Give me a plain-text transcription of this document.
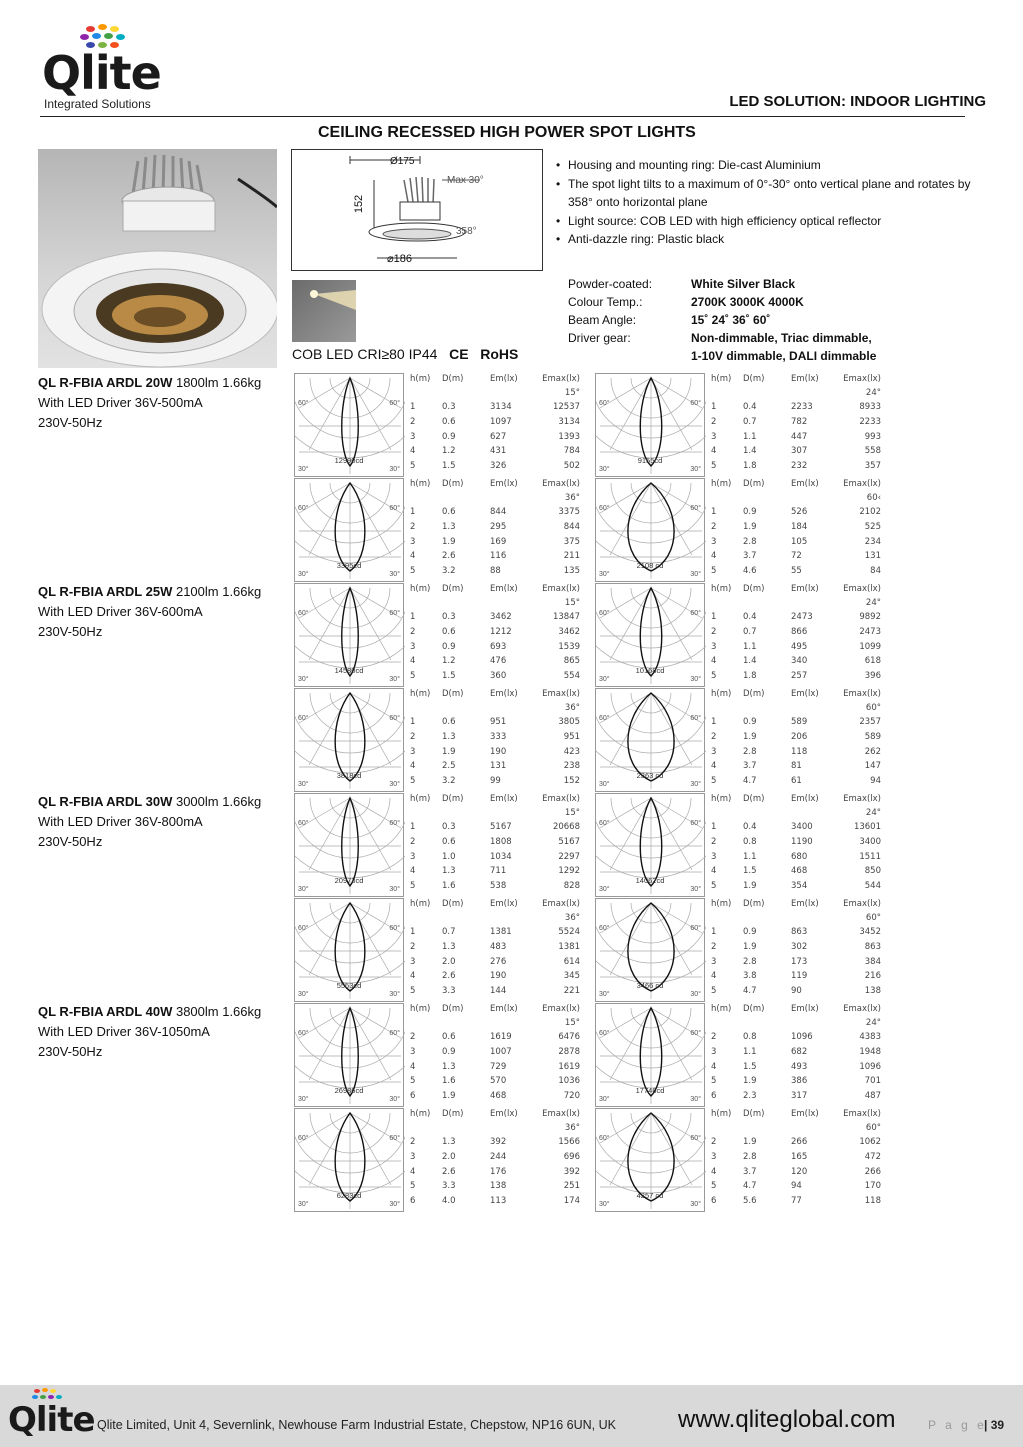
Qlite
Integrated Solutions	LED SOLUTION: INDOOR LIGHTING
CEILING RECESSED HIGH POWER SPOT LIGHTS
Ø175
Max 30°
152
358°
⌀186
COB LED CRI≥80 IP44 CE RoHS
• Housing and mounting ring: Die-cast Aluminium
• The spot light tilts to a maximum of 0°-30° onto vertical plane and rotates by 358° onto horizontal plane
• Light source: COB LED with high efficiency optical reflector
• Anti-dazzle ring: Plastic black
Powder-coated:	White Silver Black
Colour Temp.:	2700K 3000K 4000K
Beam Angle:	15˚ 24˚ 36˚ 60˚
Driver gear:	Non-dimmable, Triac dimmable,
1-10V dimmable, DALI dimmable
QL R-FBIA ARDL 20W 1800lm 1.66kg
With LED Driver 36V-500mA
230V-50Hz
QL R-FBIA ARDL 25W 2100lm 1.66kg
With LED Driver 36V-600mA
230V-50Hz
QL R-FBIA ARDL 30W 3000lm 1.66kg
With LED Driver 36V-800mA
230V-50Hz
QL R-FBIA ARDL 40W 3800lm 1.66kg
With LED Driver 36V-1050mA
230V-50Hz
60°	60°
30°	30°
12990cd
h(m) D(m)	Em(lx)	Emax(lx)
15°
1	0.3	3134	12537
2	0.6	1097	3134
3	0.9	627	1393
4	1.2	431	784
5	1.5	326	502
60°	60°
30°	30°
9155cd
h(m) D(m)	Em(lx)	Emax(lx)
24°
1	0.4	2233	8933
2	0.7	782	2233
3	1.1	447	993
4	1.4	307	558
5	1.8	232	357
60°	60°
30°	30°
3395cd
h(m) D(m)	Em(lx)	Emax(lx)
36°
1	0.6	844	3375
2	1.3	295	844
3	1.9	169	375
4	2.6	116	211
5	3.2	88	135
60°	60°
30°	30°
2108 cd
h(m) D(m)	Em(lx)	Emax(lx)
60‹
1	0.9	526	2102
2	1.9	184	525
3	2.8	105	234
4	3.7	72	131
5	4.6	55	84
60°	60°
30°	30°
14580cd
h(m) D(m)	Em(lx)	Emax(lx)
15°
1	0.3	3462	13847
2	0.6	1212	3462
3	0.9	693	1539
4	1.2	476	865
5	1.5	360	554
60°	60°
30°	30°
10168cd
h(m) D(m)	Em(lx)	Emax(lx)
24°
1	0.4	2473	9892
2	0.7	866	2473
3	1.1	495	1099
4	1.4	340	618
5	1.8	257	396
60°	60°
30°	30°
3818cd
h(m) D(m)	Em(lx)	Emax(lx)
36°
1	0.6	951	3805
2	1.3	333	951
3	1.9	190	423
4	2.5	131	238
5	3.2	99	152
60°	60°
30°	30°
2363 cd
h(m) D(m)	Em(lx)	Emax(lx)
60°
1	0.9	589	2357
2	1.9	206	589
3	2.8	118	262
4	3.7	81	147
5	4.7	61	94
60°	60°
30°	30°
20973cd
h(m) D(m)	Em(lx)	Emax(lx)
15°
1	0.3	5167	20668
2	0.6	1808	5167
3	1.0	1034	2297
4	1.3	711	1292
5	1.6	538	828
60°	60°
30°	30°
14062cd
h(m) D(m)	Em(lx)	Emax(lx)
24°
1	0.4	3400	13601
2	0.8	1190	3400
3	1.1	680	1511
4	1.5	468	850
5	1.9	354	544
60°	60°
30°	30°
5553cd
h(m) D(m)	Em(lx)	Emax(lx)
36°
1	0.7	1381	5524
2	1.3	483	1381
3	2.0	276	614
4	2.6	190	345
5	3.3	144	221
60°	60°
30°	30°
3466 cd
h(m) D(m)	Em(lx)	Emax(lx)
60°
1	0.9	863	3452
2	1.9	302	863
3	2.8	173	384
4	3.8	119	216
5	4.7	90	138
60°	60°
30°	30°
26986cd
h(m) D(m)	Em(lx)	Emax(lx)
15°
2	0.6	1619	6476
3	0.9	1007	2878
4	1.3	729	1619
5	1.6	570	1036
6	1.9	468	720
60°	60°
30°	30°
17746cd
h(m) D(m)	Em(lx)	Emax(lx)
24°
2	0.8	1096	4383
3	1.1	682	1948
4	1.5	493	1096
5	1.9	386	701
6	2.3	317	487
60°	60°
30°	30°
6283cd
h(m) D(m)	Em(lx)	Emax(lx)
36°
2	1.3	392	1566
3	2.0	244	696
4	2.6	176	392
5	3.3	138	251
6	4.0	113	174
60°	60°
30°	30°
4257 cd
h(m) D(m)	Em(lx)	Emax(lx)
60°
2	1.9	266	1062
3	2.8	165	472
4	3.7	120	266
5	4.7	94	170
6	5.6	77	118
Qlite Qlite Limited, Unit 4, Severnlink, Newhouse Farm Industrial Estate, Chepstow, NP16 6UN, UK	www.qliteglobal.com	P a g e
| 39
